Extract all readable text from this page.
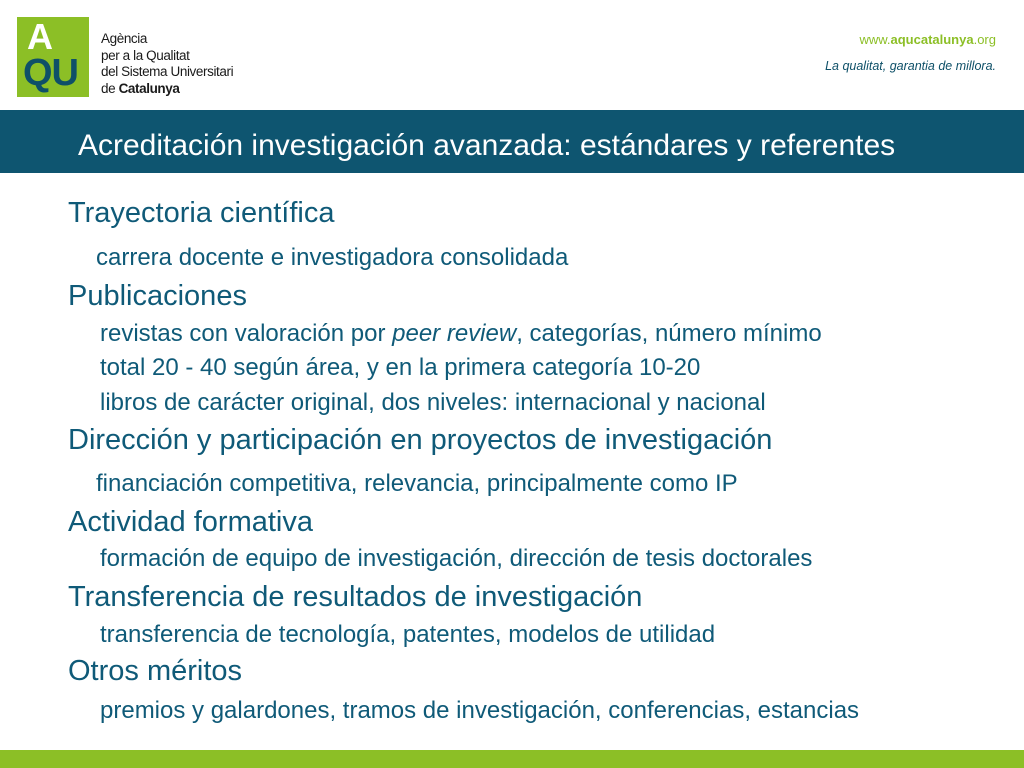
A
QU
Agència
per a la Qualitat
del Sistema Universitari
de Catalunya
www.aqucatalunya.org
La qualitat, garantia de millora.
Acreditación investigación avanzada: estándares y referentes
Trayectoria científica
carrera docente e investigadora consolidada
Publicaciones
revistas con valoración por peer review, categorías, número mínimo
total 20 - 40 según área, y en la primera categoría 10-20
libros de carácter original, dos niveles: internacional y nacional
Dirección y participación en proyectos de investigación
financiación competitiva, relevancia, principalmente como IP
Actividad formativa
formación de equipo de investigación, dirección de tesis doctorales
Transferencia de resultados de investigación
transferencia de tecnología, patentes, modelos de utilidad
Otros méritos
premios y galardones, tramos de investigación, conferencias, estancias
